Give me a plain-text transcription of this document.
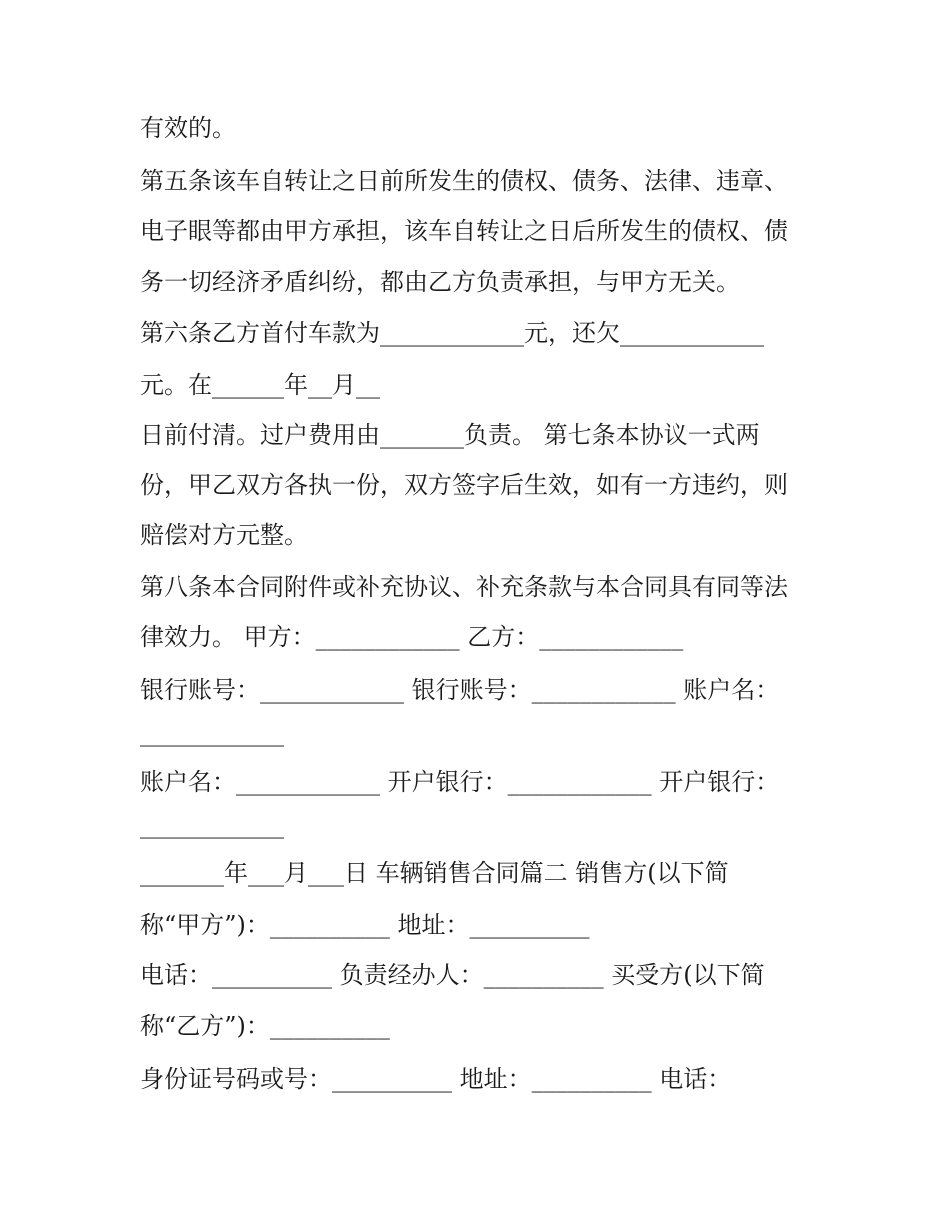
有效的。
第五条该车自转让之日前所发生的债权、债务、法律、违章、
电子眼等都由甲方承担，该车自转让之日后所发生的债权、债
务一切经济矛盾纠纷，都由乙方负责承担，与甲方无关。
第六条乙方首付车款为____________元，还欠____________
元。在______年__月__
日前付清。过户费用由_______负责。 第七条本协议一式两
份，甲乙双方各执一份，双方签字后生效，如有一方违约，则
赔偿对方元整。
第八条本合同附件或补充协议、补充条款与本合同具有同等法
律效力。 甲方：____________ 乙方：____________
银行账号：____________ 银行账号：____________ 账户名：
____________
账户名：____________ 开户银行：____________ 开户银行：
____________
_______年___月___日 车辆销售合同篇二 销售方(以下简
称“甲方”)：__________ 地址：__________
电话：__________ 负责经办人：__________ 买受方(以下简
称“乙方”)：__________
身份证号码或号：__________ 地址：__________ 电话：
